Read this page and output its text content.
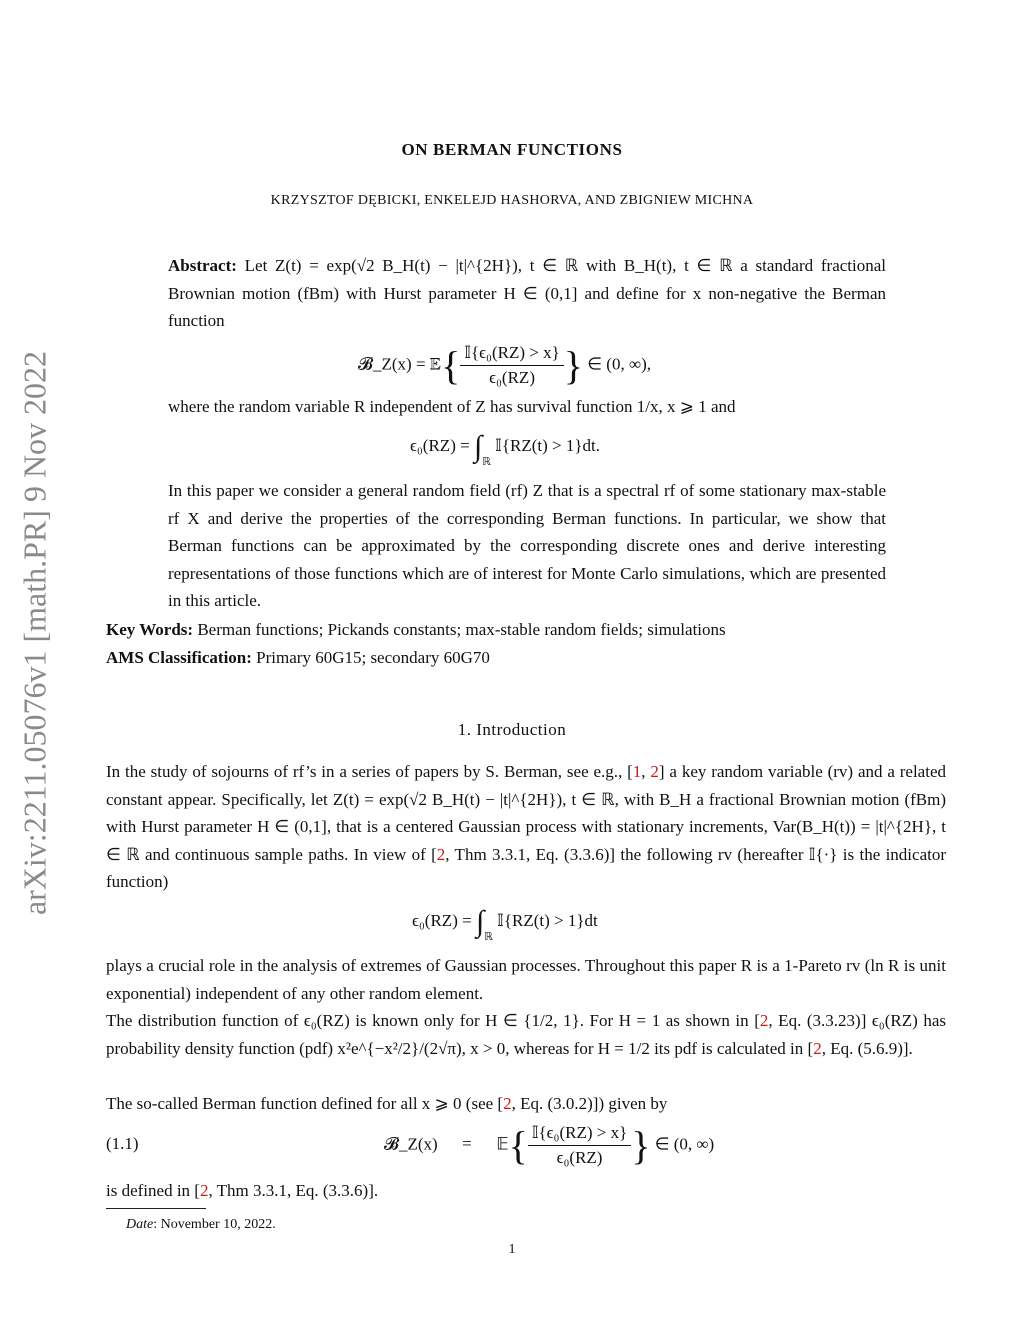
arXiv:2211.05076v1 [math.PR] 9 Nov 2022
ON BERMAN FUNCTIONS
KRZYSZTOF DĘBICKI, ENKELEJD HASHORVA, AND ZBIGNIEW MICHNA
Abstract: Let Z(t) = exp(√2 B_H(t) − |t|^{2H}), t ∈ ℝ with B_H(t), t ∈ ℝ a standard fractional Brownian motion (fBm) with Hurst parameter H ∈ (0,1] and define for x non-negative the Berman function
𝓑_Z(x) = 𝔼{ $\frac{\text{𝕀\{ϵ₀(RZ) > x\}}}{\text{ϵ₀(RZ)}}$ } ∈ (0, ∞),
where the random variable R independent of Z has survival function 1/x, x ⩾ 1 and
$\epsilon_0(RZ) = \int_ℝ$ 𝕀{RZ(t) > 1}dt.
In this paper we consider a general random field (rf) Z that is a spectral rf of some stationary max-stable rf X and derive the properties of the corresponding Berman functions. In particular, we show that Berman functions can be approximated by the corresponding discrete ones and derive interesting representations of those functions which are of interest for Monte Carlo simulations, which are presented in this article.
Key Words: Berman functions; Pickands constants; max-stable random fields; simulations
AMS Classification: Primary 60G15; secondary 60G70
1. Introduction
In the study of sojourns of rf’s in a series of papers by S. Berman, see e.g., [1, 2] a key random variable (rv) and a related constant appear. Specifically, let Z(t) = exp(√2 B_H(t) − |t|^{2H}), t ∈ ℝ, with B_H a fractional Brownian motion (fBm) with Hurst parameter H ∈ (0,1], that is a centered Gaussian process with stationary increments, Var(B_H(t)) = |t|^{2H}, t ∈ ℝ and continuous sample paths. In view of [2, Thm 3.3.1, Eq. (3.3.6)] the following rv (hereafter 𝕀{·} is the indicator function)
$\epsilon_0(RZ) = \int_ℝ$ 𝕀{RZ(t) > 1}dt
plays a crucial role in the analysis of extremes of Gaussian processes. Throughout this paper R is a 1-Pareto rv (ln R is unit exponential) independent of any other random element.
The distribution function of ϵ₀(RZ) is known only for H ∈ {1/2, 1}. For H = 1 as shown in [2, Eq. (3.3.23)] ϵ₀(RZ) has probability density function (pdf) x²e^{−x²/2}/(2√π), x > 0, whereas for H = 1/2 its pdf is calculated in [2, Eq. (5.6.9)].
The so-called Berman function defined for all x ⩾ 0 (see [2, Eq. (3.0.2)]) given by
(1.1)	𝓑_Z(x) = 𝔼{ $\frac{\text{𝕀\{ϵ₀(RZ) > x\}}}{\text{ϵ₀(RZ)}}$ } ∈ (0, ∞)
is defined in [2, Thm 3.3.1, Eq. (3.3.6)].
Date: November 10, 2022.
1
